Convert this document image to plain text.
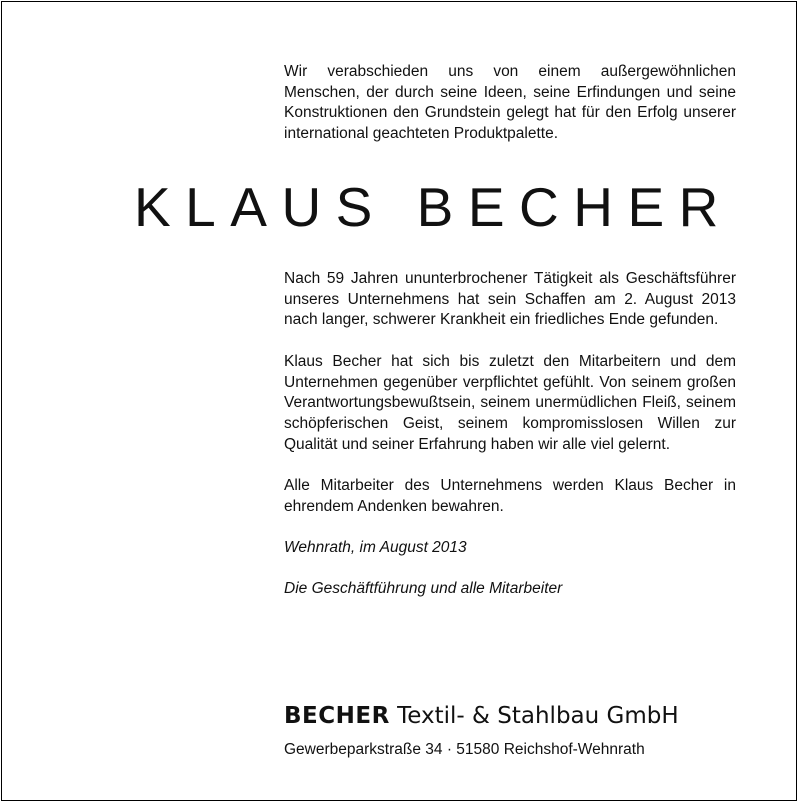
Wir verabschieden uns von einem außergewöhnlichen Menschen, der durch seine Ideen, seine Erfindungen und seine Konstruktionen den Grundstein gelegt hat für den Erfolg unserer international geachteten Produktpalette.
KLAUS BECHER

Nach 59 Jahren ununterbrochener Tätigkeit als Geschäftsführer unseres Unternehmens hat sein Schaffen am 2. August 2013 nach langer, schwerer Krankheit ein friedliches Ende gefunden.

Klaus Becher hat sich bis zuletzt den Mitarbeitern und dem Unternehmen gegenüber verpflichtet gefühlt. Von seinem großen Verantwortungsbewußtsein, seinem unermüdlichen Fleiß, seinem schöpferischen Geist, seinem kompromisslosen Willen zur Qualität und seiner Erfahrung haben wir alle viel gelernt.

Alle Mitarbeiter des Unternehmens werden Klaus Becher in ehrendem Andenken bewahren.

Wehnrath, im August 2013

Die Geschäftführung und alle Mitarbeiter

BECHER Textil- & Stahlbau GmbH
Gewerbeparkstraße 34 · 51580 Reichshof-Wehnrath
